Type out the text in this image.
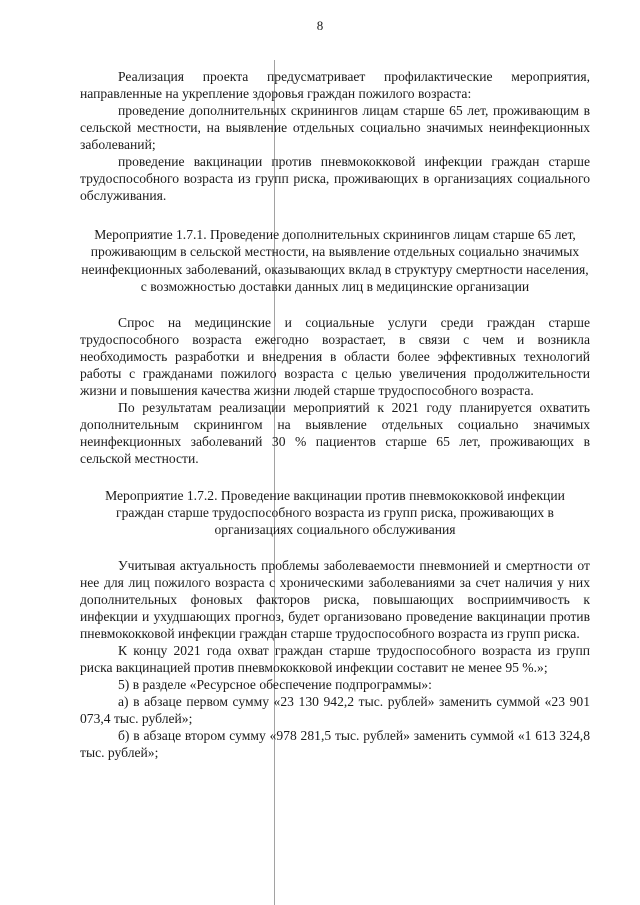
8

Реализация проекта предусматривает профилактические мероприятия, направленные на укрепление здоровья граждан пожилого возраста:

проведение дополнительных скринингов лицам старше 65 лет, проживающим в сельской местности, на выявление отдельных социально значимых неинфекционных заболеваний;

проведение вакцинации против пневмококковой инфекции граждан старше трудоспособного возраста из групп риска, проживающих в организациях социального обслуживания.

Мероприятие 1.7.1. Проведение дополнительных скринингов лицам старше 65 лет, проживающим в сельской местности, на выявление отдельных социально значимых неинфекционных заболеваний, оказывающих вклад в структуру смертности населения, с возможностью доставки данных лиц в медицинские организации

Спрос на медицинские и социальные услуги среди граждан старше трудоспособного возраста ежегодно возрастает, в связи с чем и возникла необходимость разработки и внедрения в области более эффективных технологий работы с гражданами пожилого возраста с целью увеличения продолжительности жизни и повышения качества жизни людей старше трудоспособного возраста.

По результатам реализации мероприятий к 2021 году планируется охватить дополнительным скринингом на выявление отдельных социально значимых неинфекционных заболеваний 30 % пациентов старше 65 лет, проживающих в сельской местности.

Мероприятие 1.7.2. Проведение вакцинации против пневмококковой инфекции граждан старше трудоспособного возраста из групп риска, проживающих в организациях социального обслуживания

Учитывая актуальность проблемы заболеваемости пневмонией и смертности от нее для лиц пожилого возраста с хроническими заболеваниями за счет наличия у них дополнительных фоновых факторов риска, повышающих восприимчивость к инфекции и ухудшающих прогноз, будет организовано проведение вакцинации против пневмококковой инфекции граждан старше трудоспособного возраста из групп риска.

К концу 2021 года охват граждан старше трудоспособного возраста из групп риска вакцинацией против пневмококковой инфекции составит не менее 95 %.»;

5) в разделе «Ресурсное обеспечение подпрограммы»:

а) в абзаце первом сумму «23 130 942,2 тыс. рублей» заменить суммой «23 901 073,4 тыс. рублей»;

б) в абзаце втором сумму «978 281,5 тыс. рублей» заменить суммой «1 613 324,8 тыс. рублей»;
